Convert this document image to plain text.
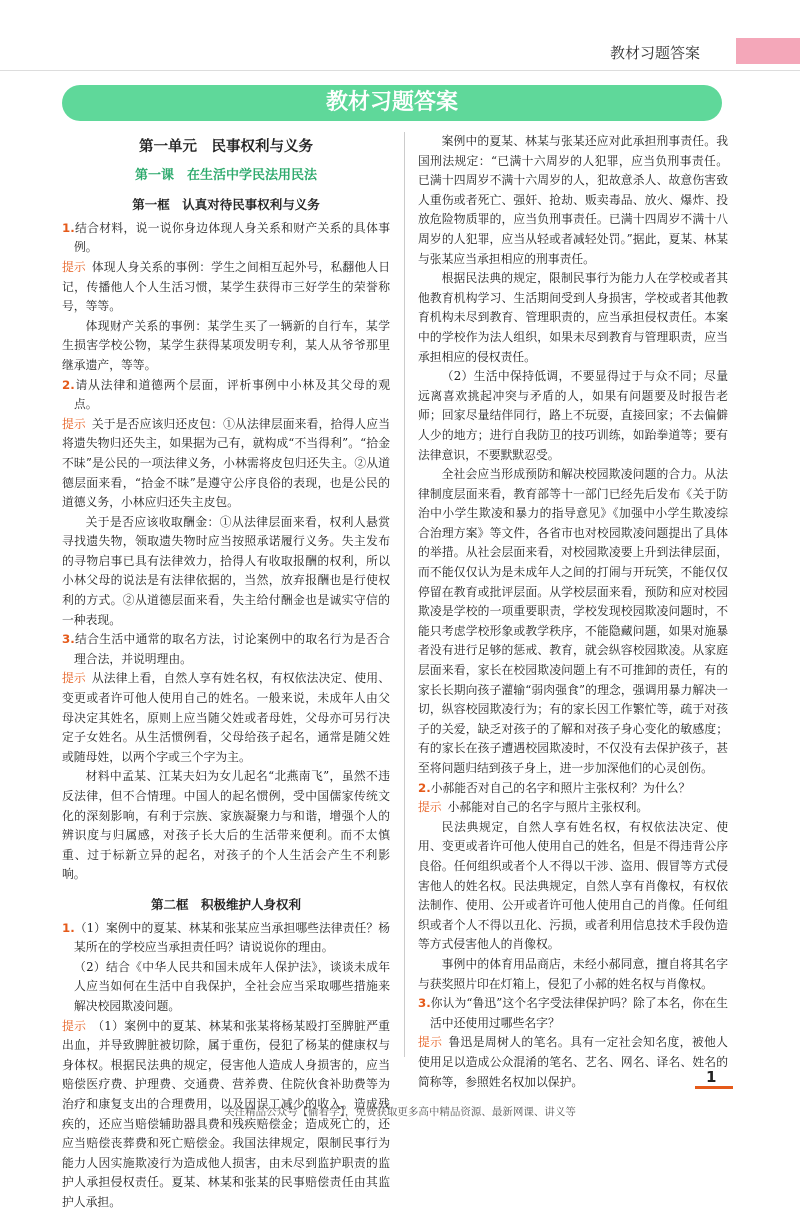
教材习题答案
教材习题答案
第一单元　民事权利与义务
第一课　在生活中学民法用民法
第一框　认真对待民事权利与义务
1.结合材料，说一说你身边体现人身关系和财产关系的具体事例。
提示 体现人身关系的事例：学生之间相互起外号，私翻他人日记，传播他人个人生活习惯，某学生获得市三好学生的荣誉称号，等等。
体现财产关系的事例：某学生买了一辆新的自行车，某学生损害学校公物，某学生获得某项发明专利，某人从爷爷那里继承遗产，等等。
2.请从法律和道德两个层面，评析事例中小林及其父母的观点。
提示 关于是否应该归还皮包：①从法律层面来看，拾得人应当将遗失物归还失主，如果据为己有，就构成“不当得利”。“拾金不昧”是公民的一项法律义务，小林需将皮包归还失主。②从道德层面来看，“拾金不昧”是遵守公序良俗的表现，也是公民的道德义务，小林应归还失主皮包。
关于是否应该收取酬金：①从法律层面来看，权利人悬赏寻找遗失物，领取遗失物时应当按照承诺履行义务。失主发布的寻物启事已具有法律效力，拾得人有收取报酬的权利，所以小林父母的说法是有法律依据的，当然，放弃报酬也是行使权利的方式。②从道德层面来看，失主给付酬金也是诚实守信的一种表现。
3.结合生活中通常的取名方法，讨论案例中的取名行为是否合理合法，并说明理由。
提示 从法律上看，自然人享有姓名权，有权依法决定、使用、变更或者许可他人使用自己的姓名。一般来说，未成年人由父母决定其姓名，原则上应当随父姓或者母姓，父母亦可另行决定子女姓名。从生活惯例看，父母给孩子起名，通常是随父姓或随母姓，以两个字或三个字为主。
材料中孟某、江某夫妇为女儿起名“北燕南飞”，虽然不违反法律，但不合情理。中国人的起名惯例，受中国儒家传统文化的深刻影响，有利于宗族、家族凝聚力与和谐，增强个人的辨识度与归属感，对孩子长大后的生活带来便利。而不太慎重、过于标新立异的起名，对孩子的个人生活会产生不利影响。
第二框　积极维护人身权利
1.（1）案例中的夏某、林某和张某应当承担哪些法律责任？杨某所在的学校应当承担责任吗？请说说你的理由。
（2）结合《中华人民共和国未成年人保护法》，谈谈未成年人应当如何在生活中自我保护，全社会应当采取哪些措施来解决校园欺凌问题。
提示 （1）案例中的夏某、林某和张某将杨某殴打至脾脏严重出血，并导致脾脏被切除，属于重伤，侵犯了杨某的健康权与身体权。根据民法典的规定，侵害他人造成人身损害的，应当赔偿医疗费、护理费、交通费、营养费、住院伙食补助费等为治疗和康复支出的合理费用，以及因误工减少的收入。造成残疾的，还应当赔偿辅助器具费和残疾赔偿金；造成死亡的，还应当赔偿丧葬费和死亡赔偿金。我国法律规定，限制民事行为能力人因实施欺凌行为造成他人损害，由未尽到监护职责的监护人承担侵权责任。夏某、林某和张某的民事赔偿责任由其监护人承担。
案例中的夏某、林某与张某还应对此承担刑事责任。我国刑法规定：“已满十六周岁的人犯罪，应当负刑事责任。已满十四周岁不满十六周岁的人，犯故意杀人、故意伤害致人重伤或者死亡、强奸、抢劫、贩卖毒品、放火、爆炸、投放危险物质罪的，应当负刑事责任。已满十四周岁不满十八周岁的人犯罪，应当从轻或者减轻处罚。”据此，夏某、林某与张某应当承担相应的刑事责任。
根据民法典的规定，限制民事行为能力人在学校或者其他教育机构学习、生活期间受到人身损害，学校或者其他教育机构未尽到教育、管理职责的，应当承担侵权责任。本案中的学校作为法人组织，如果未尽到教育与管理职责，应当承担相应的侵权责任。
（2）生活中保持低调，不要显得过于与众不同；尽量远离喜欢挑起冲突与矛盾的人，如果有问题要及时报告老师；回家尽量结伴同行，路上不玩耍，直接回家；不去偏僻人少的地方；进行自我防卫的技巧训练，如跆拳道等；要有法律意识，不要默默忍受。
全社会应当形成预防和解决校园欺凌问题的合力。从法律制度层面来看，教育部等十一部门已经先后发布《关于防治中小学生欺凌和暴力的指导意见》《加强中小学生欺凌综合治理方案》等文件，各省市也对校园欺凌问题提出了具体的举措。从社会层面来看，对校园欺凌要上升到法律层面，而不能仅仅认为是未成年人之间的打闹与开玩笑，不能仅仅停留在教育或批评层面。从学校层面来看，预防和应对校园欺凌是学校的一项重要职责，学校发现校园欺凌问题时，不能只考虑学校形象或教学秩序，不能隐藏问题，如果对施暴者没有进行足够的惩戒、教育，就会纵容校园欺凌。从家庭层面来看，家长在校园欺凌问题上有不可推卸的责任，有的家长长期向孩子灌输“弱肉强食”的理念，强调用暴力解决一切，纵容校园欺凌行为；有的家长因工作繁忙等，疏于对孩子的关爱，缺乏对孩子的了解和对孩子身心变化的敏感度；有的家长在孩子遭遇校园欺凌时，不仅没有去保护孩子，甚至将问题归结到孩子身上，进一步加深他们的心灵创伤。
2.小郝能否对自己的名字和照片主张权利？为什么？
提示 小郝能对自己的名字与照片主张权利。
民法典规定，自然人享有姓名权，有权依法决定、使用、变更或者许可他人使用自己的姓名，但是不得违背公序良俗。任何组织或者个人不得以干涉、盗用、假冒等方式侵害他人的姓名权。民法典规定，自然人享有肖像权，有权依法制作、使用、公开或者许可他人使用自己的肖像。任何组织或者个人不得以丑化、污损，或者利用信息技术手段伪造等方式侵害他人的肖像权。
事例中的体育用品商店，未经小郝同意，擅自将其名字与获奖照片印在灯箱上，侵犯了小郝的姓名权与肖像权。
3.你认为“鲁迅”这个名字受法律保护吗？除了本名，你在生活中还使用过哪些名字？
提示 鲁迅是周树人的笔名。具有一定社会知名度，被他人使用足以造成公众混淆的笔名、艺名、网名、译名、姓名的简称等，参照姓名权加以保护。	1
关注精品公众号【偷着学】，免费获取更多高中精品资源、最新网课、讲义等
